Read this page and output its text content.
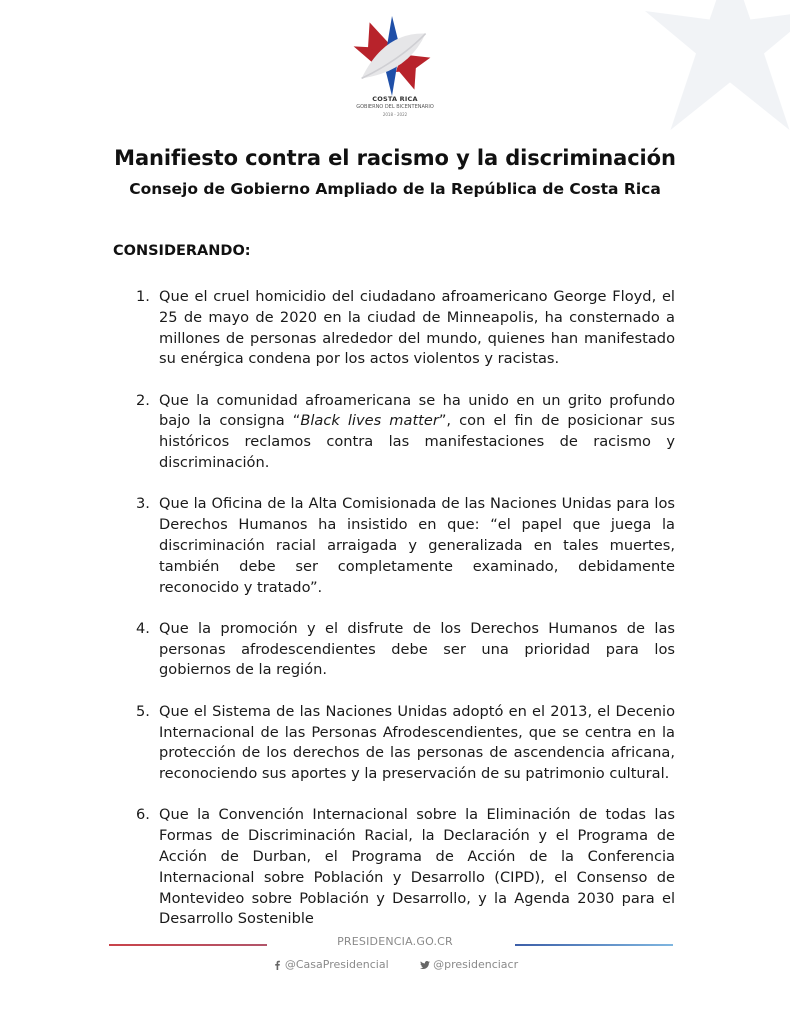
COSTA RICA
GOBIERNO DEL BICENTENARIO
2018 - 2022
Manifiesto contra el racismo y la discriminación
Consejo de Gobierno Ampliado de la República de Costa Rica
CONSIDERANDO:
1. Que el cruel homicidio del ciudadano afroamericano George Floyd, el 25 de mayo de 2020 en la ciudad de Minneapolis, ha consternado a millones de personas alrededor del mundo, quienes han manifestado su enérgica condena por los actos violentos y racistas.
2. Que la comunidad afroamericana se ha unido en un grito profundo bajo la consigna “Black lives matter”, con el fin de posicionar sus históricos reclamos contra las manifestaciones de racismo y discriminación.
3. Que la Oficina de la Alta Comisionada de las Naciones Unidas para los Derechos Humanos ha insistido en que: “el papel que juega la discriminación racial arraigada y generalizada en tales muertes, también debe ser completamente examinado, debidamente reconocido y tratado”.
4. Que la promoción y el disfrute de los Derechos Humanos de las personas afrodescendientes debe ser una prioridad para los gobiernos de la región.
5. Que el Sistema de las Naciones Unidas adoptó en el 2013, el Decenio Internacional de las Personas Afrodescendientes, que se centra en la protección de los derechos de las personas de ascendencia africana, reconociendo sus aportes y la preservación de su patrimonio cultural.
6. Que la Convención Internacional sobre la Eliminación de todas las Formas de Discriminación Racial, la Declaración y el Programa de Acción de Durban, el Programa de Acción de la Conferencia Internacional sobre Población y Desarrollo (CIPD), el Consenso de Montevideo sobre Población y Desarrollo, y la Agenda 2030 para el Desarrollo Sostenible
PRESIDENCIA.GO.CR
@CasaPresidencial
	@presidenciacr
